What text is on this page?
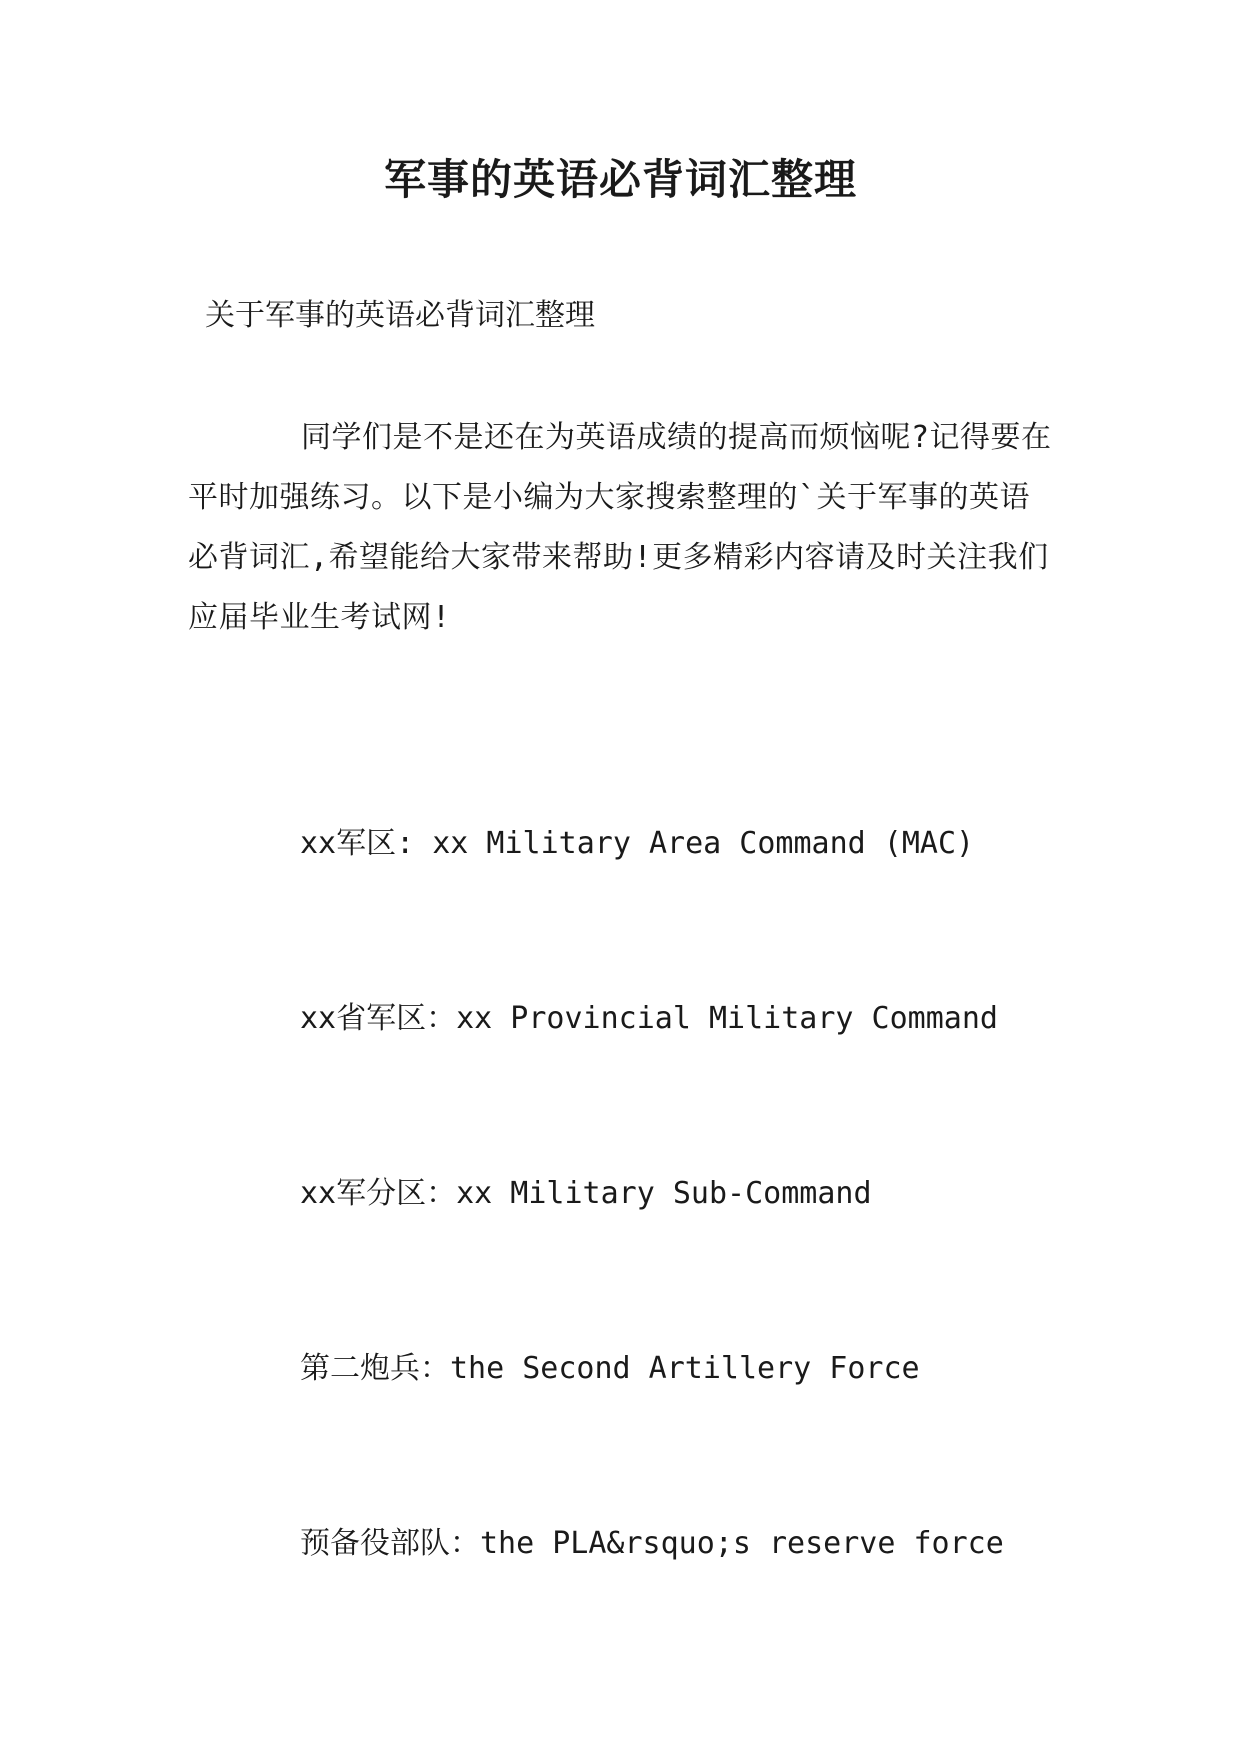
军事的英语必背词汇整理

关于军事的英语必背词汇整理

同学们是不是还在为英语成绩的提高而烦恼呢?记得要在平时加强练习。以下是小编为大家搜索整理的`关于军事的英语必背词汇,希望能给大家带来帮助!更多精彩内容请及时关注我们应届毕业生考试网!

xx军区: xx Military Area Command (MAC)

xx省军区：xx Provincial Military Command

xx军分区：xx Military Sub-Command

第二炮兵：the Second Artillery Force

预备役部队：the PLA&rsquo;s reserve force
